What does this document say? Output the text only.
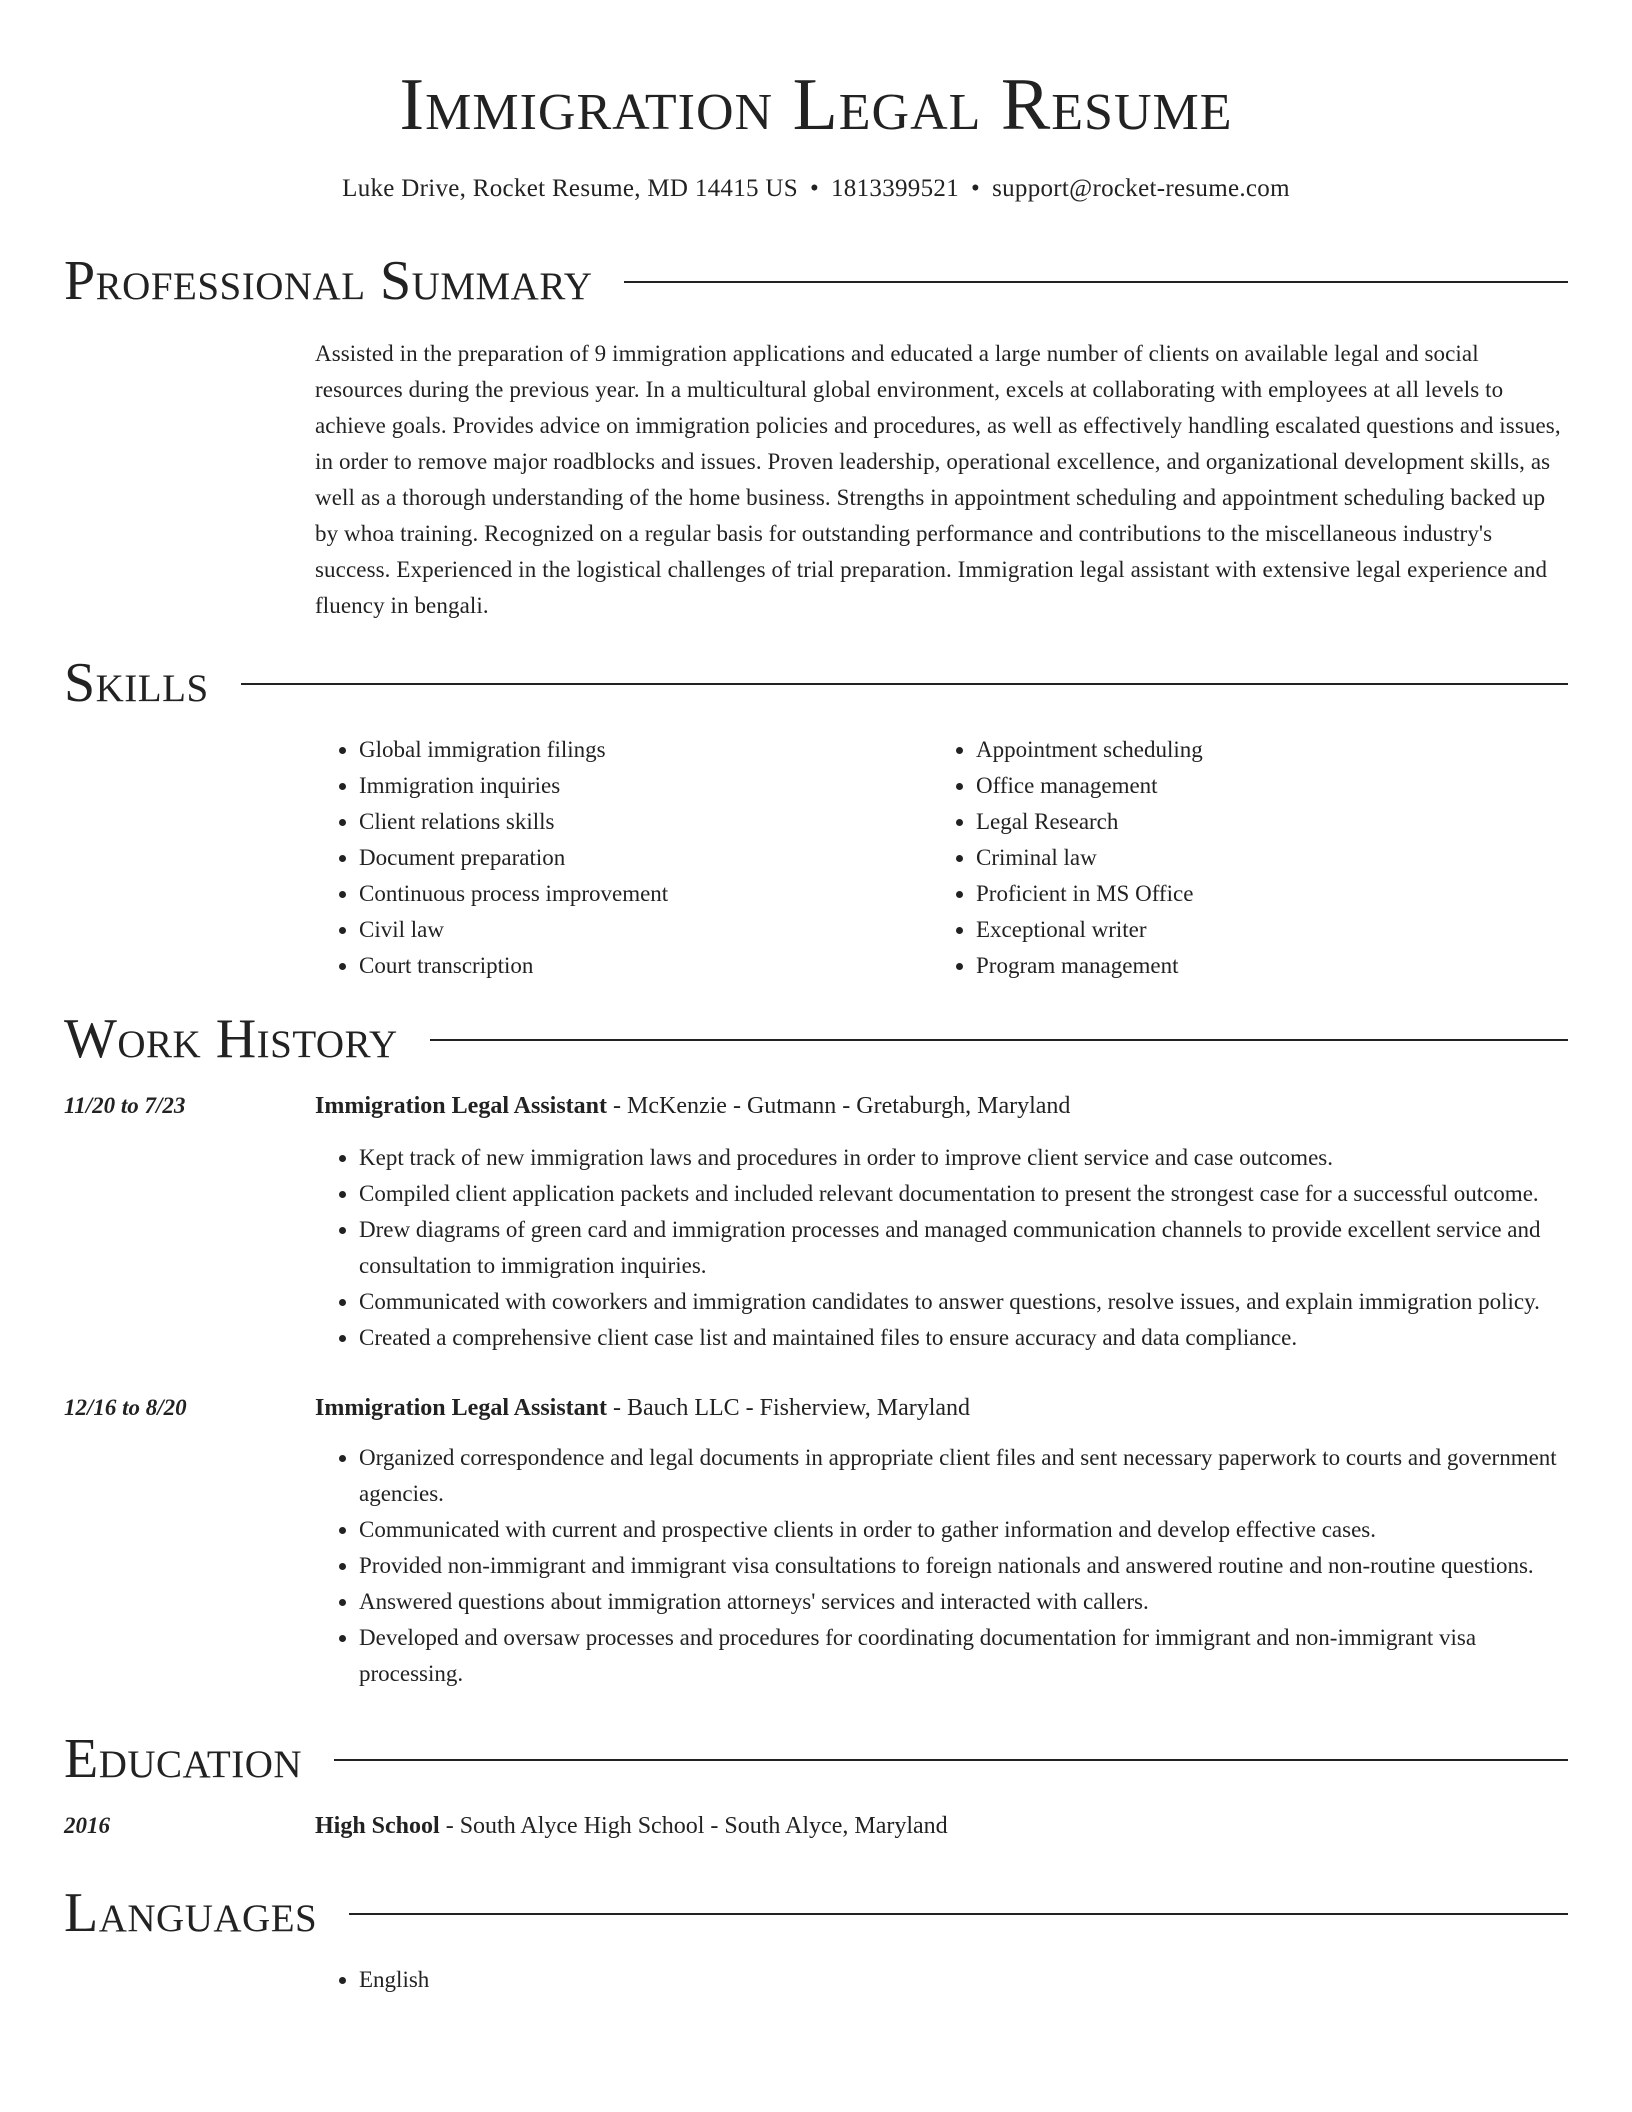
Immigration Legal Resume
Luke Drive, Rocket Resume, MD 14415 US • 1813399521 • support@rocket-resume.com
Professional Summary

Assisted in the preparation of 9 immigration applications and educated a large number of clients on available legal and social resources during the previous year. In a multicultural global environment, excels at collaborating with employees at all levels to achieve goals. Provides advice on immigration policies and procedures, as well as effectively handling escalated questions and issues, in order to remove major roadblocks and issues. Proven leadership, operational excellence, and organizational development skills, as well as a thorough understanding of the home business. Strengths in appointment scheduling and appointment scheduling backed up by whoa training. Recognized on a regular basis for outstanding performance and contributions to the miscellaneous industry's success. Experienced in the logistical challenges of trial preparation. Immigration legal assistant with extensive legal experience and fluency in bengali.

Skills
• Global immigration filings
• Immigration inquiries
• Client relations skills
• Document preparation
• Continuous process improvement
• Civil law
• Court transcription
• Appointment scheduling
• Office management
• Legal Research
• Criminal law
• Proficient in MS Office
• Exceptional writer
• Program management
Work History
11/20 to 7/23	Immigration Legal Assistant - McKenzie - Gutmann - Gretaburgh, Maryland
• Kept track of new immigration laws and procedures in order to improve client service and case outcomes.
• Compiled client application packets and included relevant documentation to present the strongest case for a successful outcome.
• Drew diagrams of green card and immigration processes and managed communication channels to provide excellent service and consultation to immigration inquiries.
• Communicated with coworkers and immigration candidates to answer questions, resolve issues, and explain immigration policy.
• Created a comprehensive client case list and maintained files to ensure accuracy and data compliance.
12/16 to 8/20	Immigration Legal Assistant - Bauch LLC - Fisherview, Maryland
• Organized correspondence and legal documents in appropriate client files and sent necessary paperwork to courts and government agencies.
• Communicated with current and prospective clients in order to gather information and develop effective cases.
• Provided non-immigrant and immigrant visa consultations to foreign nationals and answered routine and non-routine questions.
• Answered questions about immigration attorneys' services and interacted with callers.
• Developed and oversaw processes and procedures for coordinating documentation for immigrant and non-immigrant visa processing.
Education
2016	High School - South Alyce High School - South Alyce, Maryland
Languages
• English
